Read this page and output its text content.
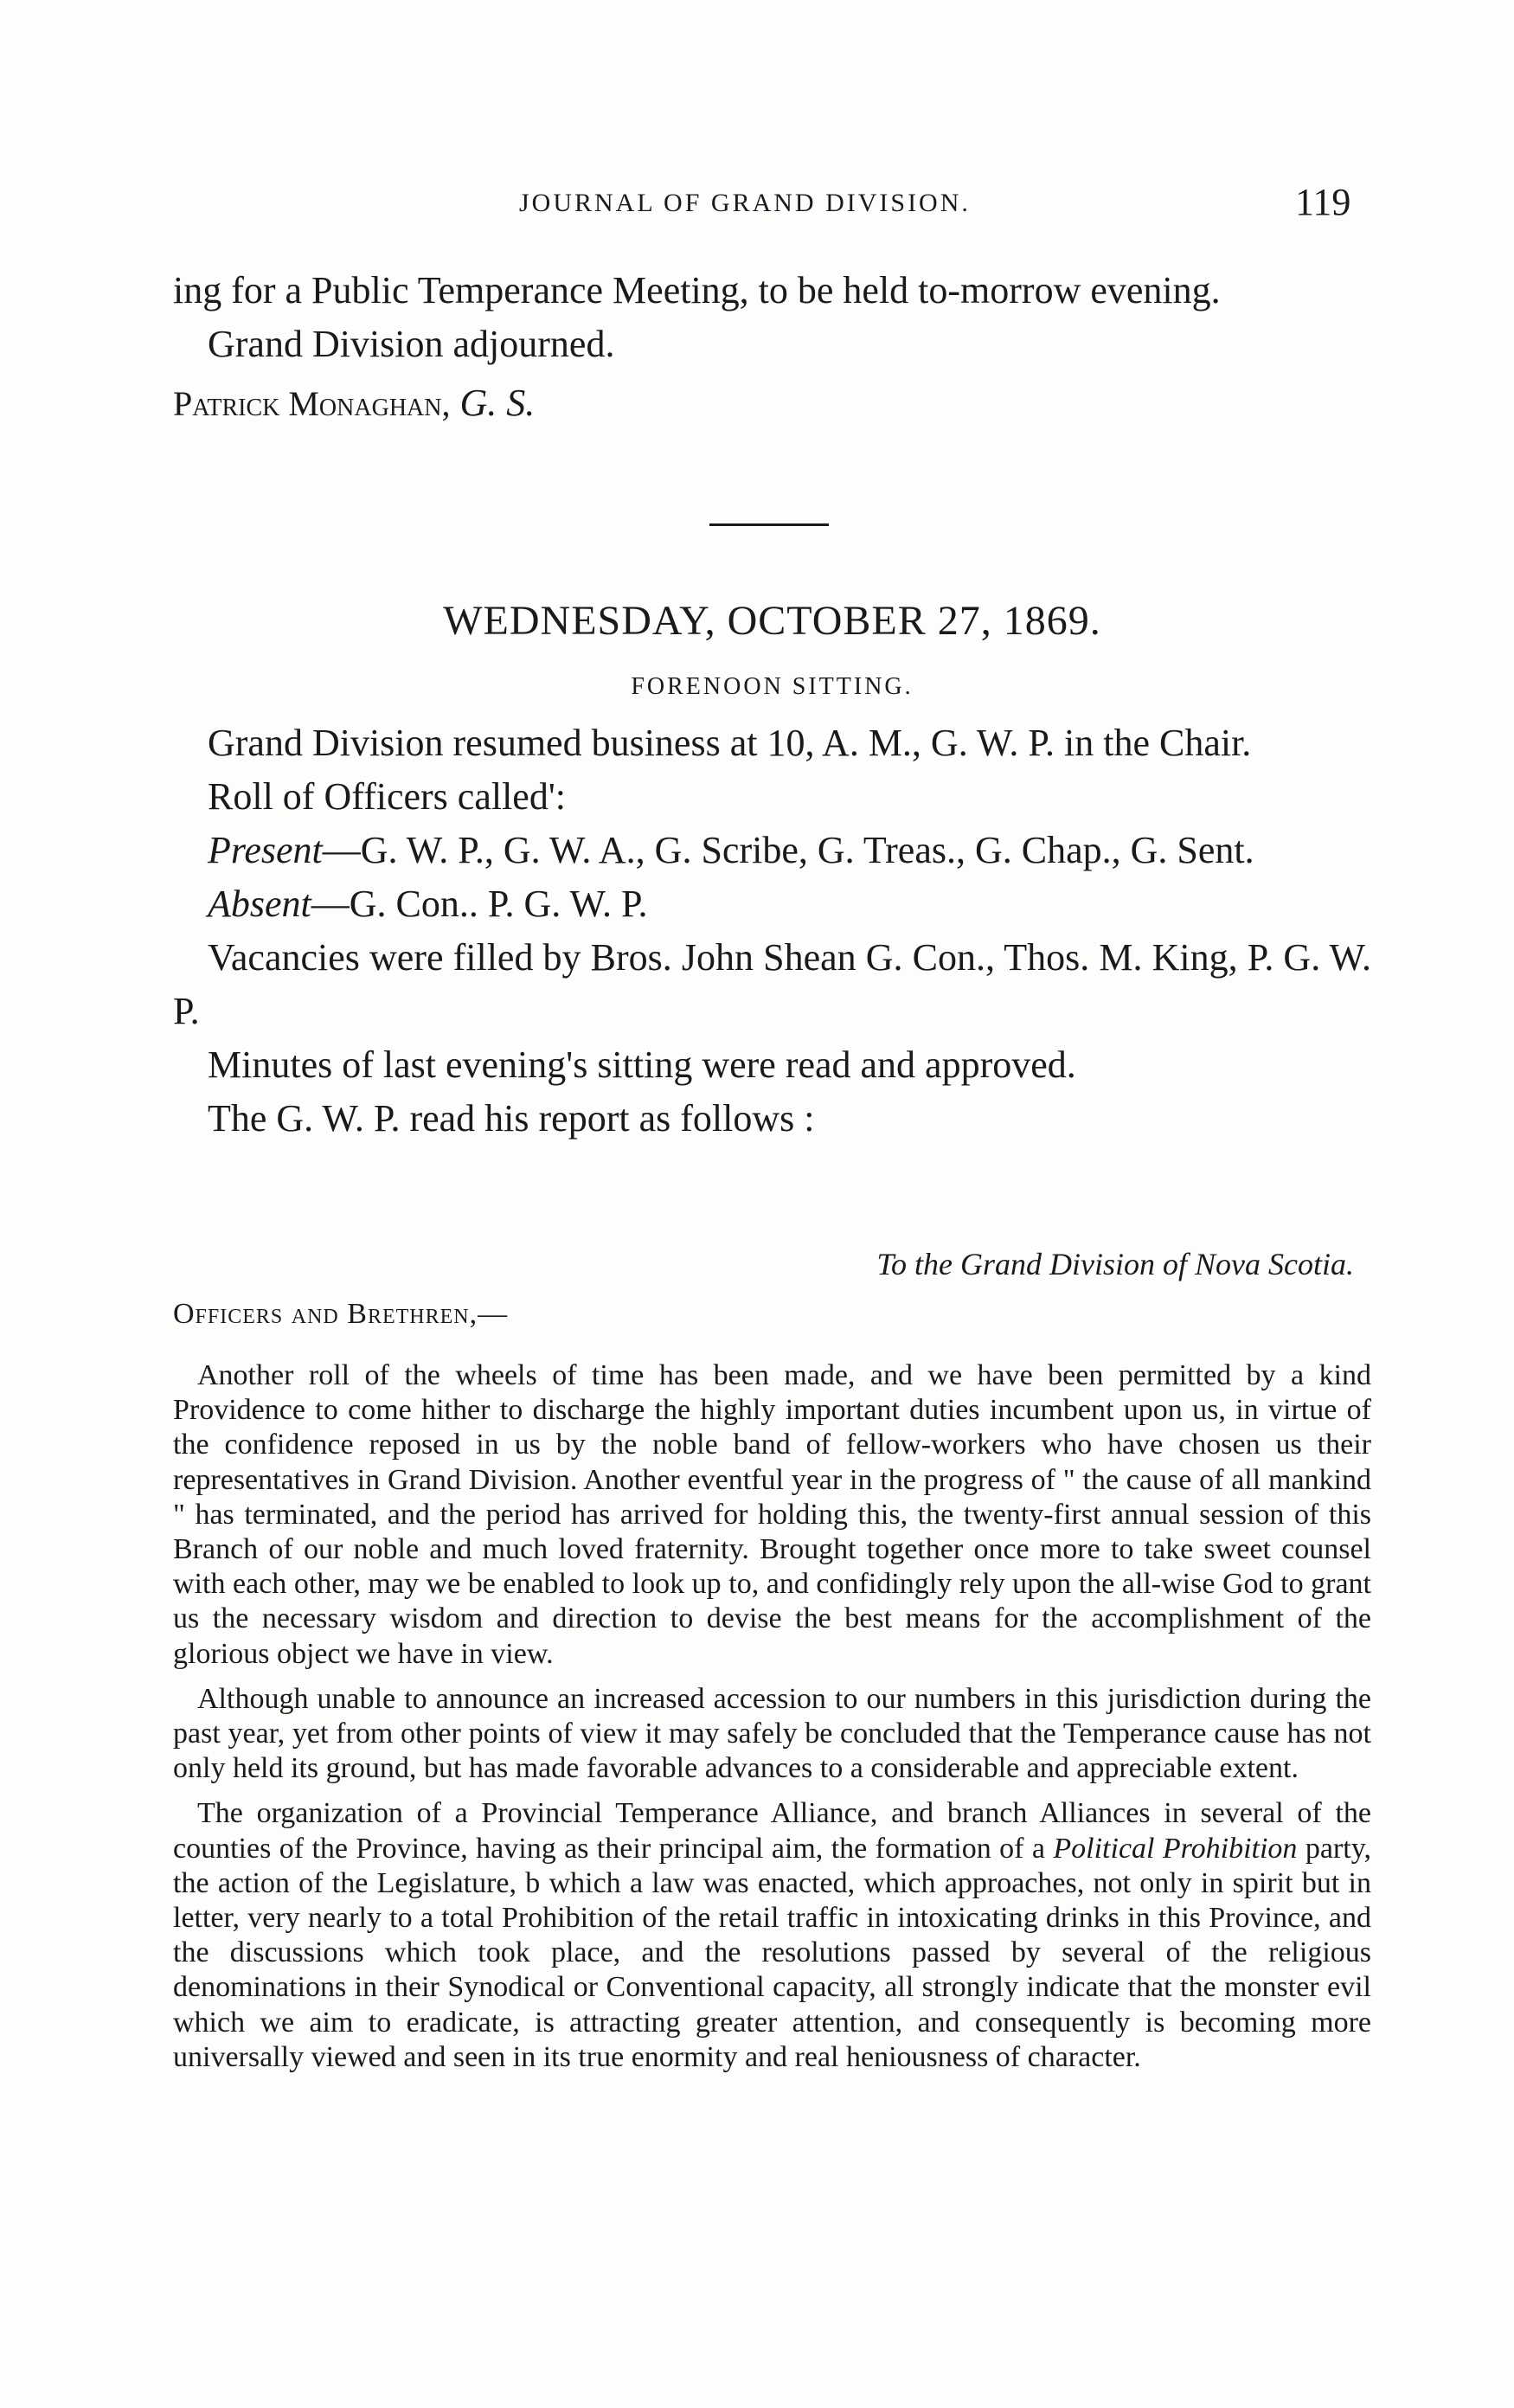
JOURNAL OF GRAND DIVISION.	119

ing for a Public Temperance Meeting, to be held to-morrow evening.

Grand Division adjourned.

Patrick Monaghan, G. S.

WEDNESDAY, OCTOBER 27, 1869.
FORENOON SITTING.

Grand Division resumed business at 10, A. M., G. W. P. in the Chair.

Roll of Officers called':

Present—G. W. P., G. W. A., G. Scribe, G. Treas., G. Chap., G. Sent.

Absent—G. Con.. P. G. W. P.

Vacancies were filled by Bros. John Shean G. Con., Thos. M. King, P. G. W. P.

Minutes of last evening's sitting were read and approved.

The G. W. P. read his report as follows :

To the Grand Division of Nova Scotia.
Officers and Brethren,—

Another roll of the wheels of time has been made, and we have been permitted by a kind Providence to come hither to discharge the highly important duties incumbent upon us, in virtue of the confidence reposed in us by the noble band of fellow-workers who have chosen us their representatives in Grand Division. Another eventful year in the progress of " the cause of all mankind " has terminated, and the period has arrived for holding this, the twenty-first annual session of this Branch of our noble and much loved fraternity. Brought together once more to take sweet counsel with each other, may we be enabled to look up to, and confidingly rely upon the all-wise God to grant us the necessary wisdom and direction to devise the best means for the accomplishment of the glorious object we have in view.

Although unable to announce an increased accession to our numbers in this jurisdiction during the past year, yet from other points of view it may safely be concluded that the Temperance cause has not only held its ground, but has made favorable advances to a considerable and appreciable extent.

The organization of a Provincial Temperance Alliance, and branch Alliances in several of the counties of the Province, having as their principal aim, the formation of a Political Prohibition party, the action of the Legislature, b which a law was enacted, which approaches, not only in spirit but in letter, very nearly to a total Prohibition of the retail traffic in intoxicating drinks in this Province, and the discussions which took place, and the resolutions passed by several of the religious denominations in their Synodical or Conventional capacity, all strongly indicate that the monster evil which we aim to eradicate, is attracting greater attention, and consequently is becoming more universally viewed and seen in its true enormity and real heniousness of character.
